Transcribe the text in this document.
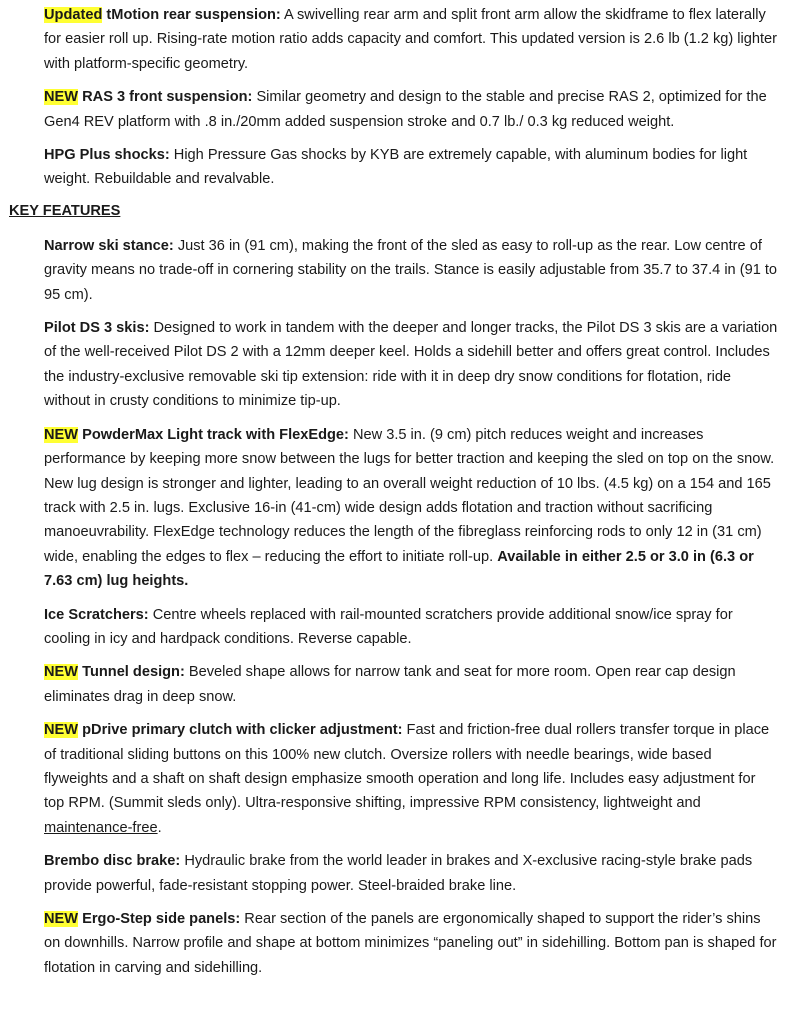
Updated tMotion rear suspension: A swivelling rear arm and split front arm allow the skidframe to flex laterally for easier roll up. Rising-rate motion ratio adds capacity and comfort. This updated version is 2.6 lb (1.2 kg) lighter with platform-specific geometry.

NEW RAS 3 front suspension: Similar geometry and design to the stable and precise RAS 2, optimized for the Gen4 REV platform with .8 in./20mm added suspension stroke and 0.7 lb./ 0.3 kg reduced weight.

HPG Plus shocks: High Pressure Gas shocks by KYB are extremely capable, with aluminum bodies for light weight. Rebuildable and revalvable.

KEY FEATURES

Narrow ski stance: Just 36 in (91 cm), making the front of the sled as easy to roll-up as the rear. Low centre of gravity means no trade-off in cornering stability on the trails. Stance is easily adjustable from 35.7 to 37.4 in (91 to 95 cm).

Pilot DS 3 skis: Designed to work in tandem with the deeper and longer tracks, the Pilot DS 3 skis are a variation of the well-received Pilot DS 2 with a 12mm deeper keel. Holds a sidehill better and offers great control. Includes the industry-exclusive removable ski tip extension: ride with it in deep dry snow conditions for flotation, ride without in crusty conditions to minimize tip-up.

NEW PowderMax Light track with FlexEdge: New 3.5 in. (9 cm) pitch reduces weight and increases performance by keeping more snow between the lugs for better traction and keeping the sled on top on the snow. New lug design is stronger and lighter, leading to an overall weight reduction of 10 lbs. (4.5 kg) on a 154 and 165 track with 2.5 in. lugs. Exclusive 16-in (41-cm) wide design adds flotation and traction without sacrificing manoeuvrability. FlexEdge technology reduces the length of the fibreglass reinforcing rods to only 12 in (31 cm) wide, enabling the edges to flex – reducing the effort to initiate roll-up. Available in either 2.5 or 3.0 in (6.3 or 7.63 cm) lug heights.

Ice Scratchers: Centre wheels replaced with rail-mounted scratchers provide additional snow/ice spray for cooling in icy and hardpack conditions. Reverse capable.

NEW Tunnel design: Beveled shape allows for narrow tank and seat for more room. Open rear cap design eliminates drag in deep snow.

NEW pDrive primary clutch with clicker adjustment: Fast and friction-free dual rollers transfer torque in place of traditional sliding buttons on this 100% new clutch. Oversize rollers with needle bearings, wide based flyweights and a shaft on shaft design emphasize smooth operation and long life. Includes easy adjustment for top RPM. (Summit sleds only). Ultra-responsive shifting, impressive RPM consistency, lightweight and maintenance-free.

Brembo disc brake: Hydraulic brake from the world leader in brakes and X-exclusive racing-style brake pads provide powerful, fade-resistant stopping power. Steel-braided brake line.

NEW Ergo-Step side panels: Rear section of the panels are ergonomically shaped to support the rider’s shins on downhills. Narrow profile and shape at bottom minimizes “paneling out” in sidehilling. Bottom pan is shaped for flotation in carving and sidehilling.
